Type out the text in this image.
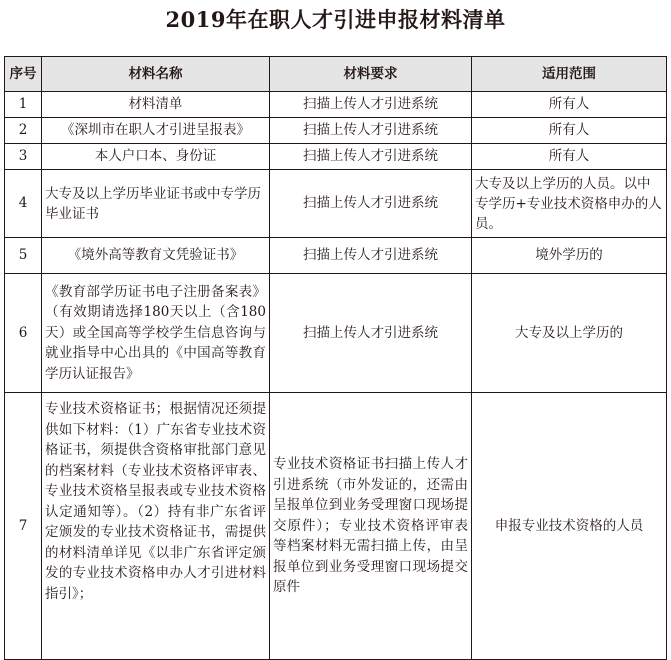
2019年在职人才引进申报材料清单
序号	材料名称	材料要求	适用范围
1	材料清单	扫描上传人才引进系统	所有人
2	《深圳市在职人才引进呈报表》	扫描上传人才引进系统	所有人
3	本人户口本、身份证	扫描上传人才引进系统	所有人
4	大专及以上学历毕业证书或中专学历毕业证书	扫描上传人才引进系统	大专及以上学历的人员。以中专学历+专业技术资格申办的人员。
5	《境外高等教育文凭验证书》	扫描上传人才引进系统	境外学历的
6	《教育部学历证书电子注册备案表》（有效期请选择180天以上（含180天）或全国高等学校学生信息咨询与就业指导中心出具的《中国高等教育学历认证报告》	扫描上传人才引进系统	大专及以上学历的
7	专业技术资格证书；根据情况还须提供如下材料：（1）广东省专业技术资格证书，须提供含资格审批部门意见的档案材料（专业技术资格评审表、专业技术资格呈报表或专业技术资格认定通知等）。（2）持有非广东省评定颁发的专业技术资格证书，需提供的材料清单详见《以非广东省评定颁发的专业技术资格申办人才引进材料指引》；	专业技术资格证书扫描上传人才引进系统（市外发证的，还需由呈报单位到业务受理窗口现场提交原件）；专业技术资格评审表等档案材料无需扫描上传，由呈报单位到业务受理窗口现场提交原件	申报专业技术资格的人员
